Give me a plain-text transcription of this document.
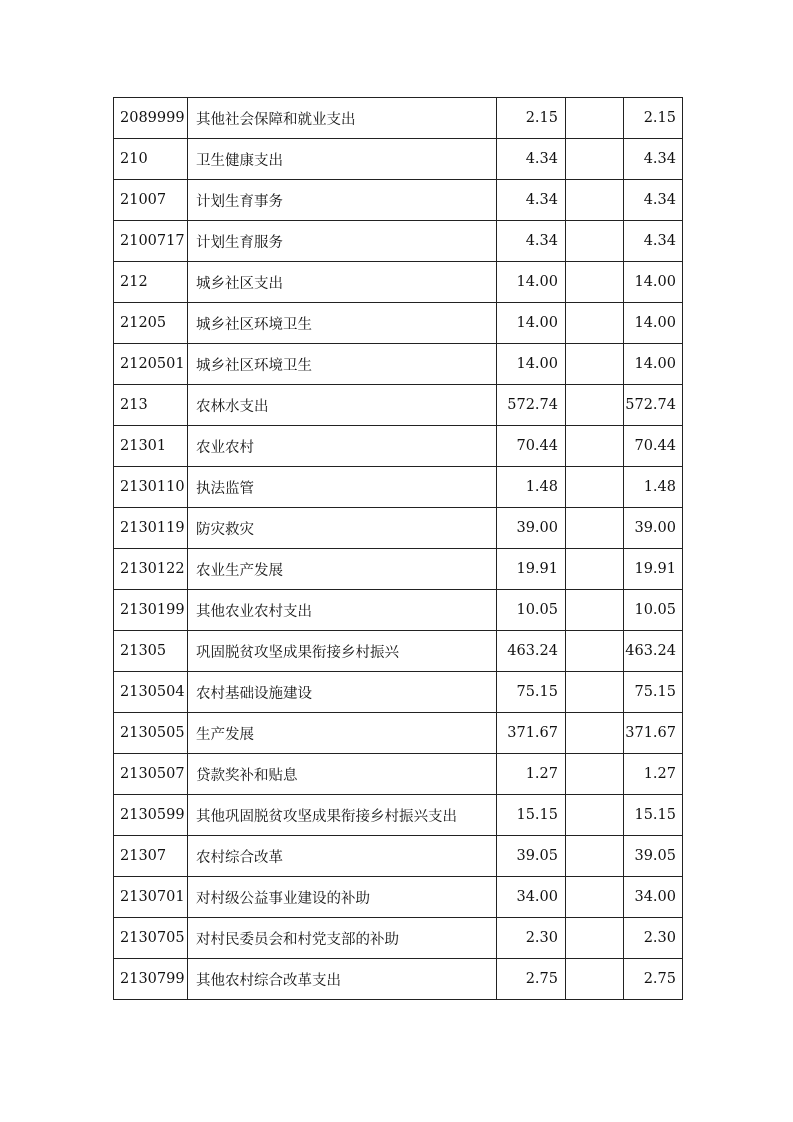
2089999	其他社会保障和就业支出	2.15		2.15
210	卫生健康支出	4.34		4.34
21007	计划生育事务	4.34		4.34
2100717	计划生育服务	4.34		4.34
212	城乡社区支出	14.00		14.00
21205	城乡社区环境卫生	14.00		14.00
2120501	城乡社区环境卫生	14.00		14.00
213	农林水支出	572.74		572.74
21301	农业农村	70.44		70.44
2130110	执法监管	1.48		1.48
2130119	防灾救灾	39.00		39.00
2130122	农业生产发展	19.91		19.91
2130199	其他农业农村支出	10.05		10.05
21305	巩固脱贫攻坚成果衔接乡村振兴	463.24		463.24
2130504	农村基础设施建设	75.15		75.15
2130505	生产发展	371.67		371.67
2130507	贷款奖补和贴息	1.27		1.27
2130599	其他巩固脱贫攻坚成果衔接乡村振兴支出	15.15		15.15
21307	农村综合改革	39.05		39.05
2130701	对村级公益事业建设的补助	34.00		34.00
2130705	对村民委员会和村党支部的补助	2.30		2.30
2130799	其他农村综合改革支出	2.75		2.75
